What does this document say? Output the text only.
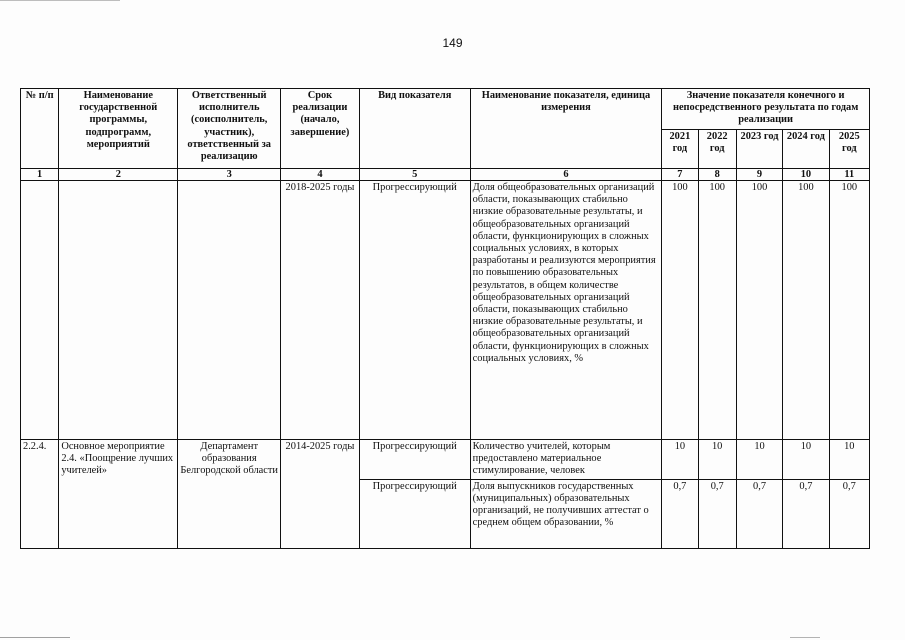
149
№ п/п	Наименование государственной программы, подпрограмм, мероприятий	Ответственный исполнитель (соисполнитель, участник), ответственный за реализацию	Срок реализации (начало, завершение)	Вид показателя	Наименование показателя, единица измерения	Значение показателя конечного и непосредственного результата по годам реализации				
						2021 год	2022 год	2023 год	2024 год	2025 год
1	2	3	4	5	6	7	8	9	10	11
			2018-2025 годы	Прогрессирующий	Доля общеобразовательных организаций области, показывающих стабильно низкие образовательные результаты, и общеобразовательных организаций области, функционирующих в сложных социальных условиях, в которых разработаны и реализуются мероприятия по повышению образовательных результатов, в общем количестве общеобразовательных организаций области, показывающих стабильно низкие образовательные результаты, и общеобразовательных организаций области, функционирующих в сложных социальных условиях, %	100	100	100	100	100
2.2.4.	Основное мероприятие 2.4. «Поощрение лучших учителей»	Департамент образования Белгородской области	2014-2025 годы	Прогрессирующий	Количество учителей, которым предоставлено материальное стимулирование, человек	10	10	10	10	10
				Прогрессирующий	Доля выпускников государственных (муниципальных) образовательных организаций, не получивших аттестат о среднем общем образовании, %	0,7	0,7	0,7	0,7	0,7
